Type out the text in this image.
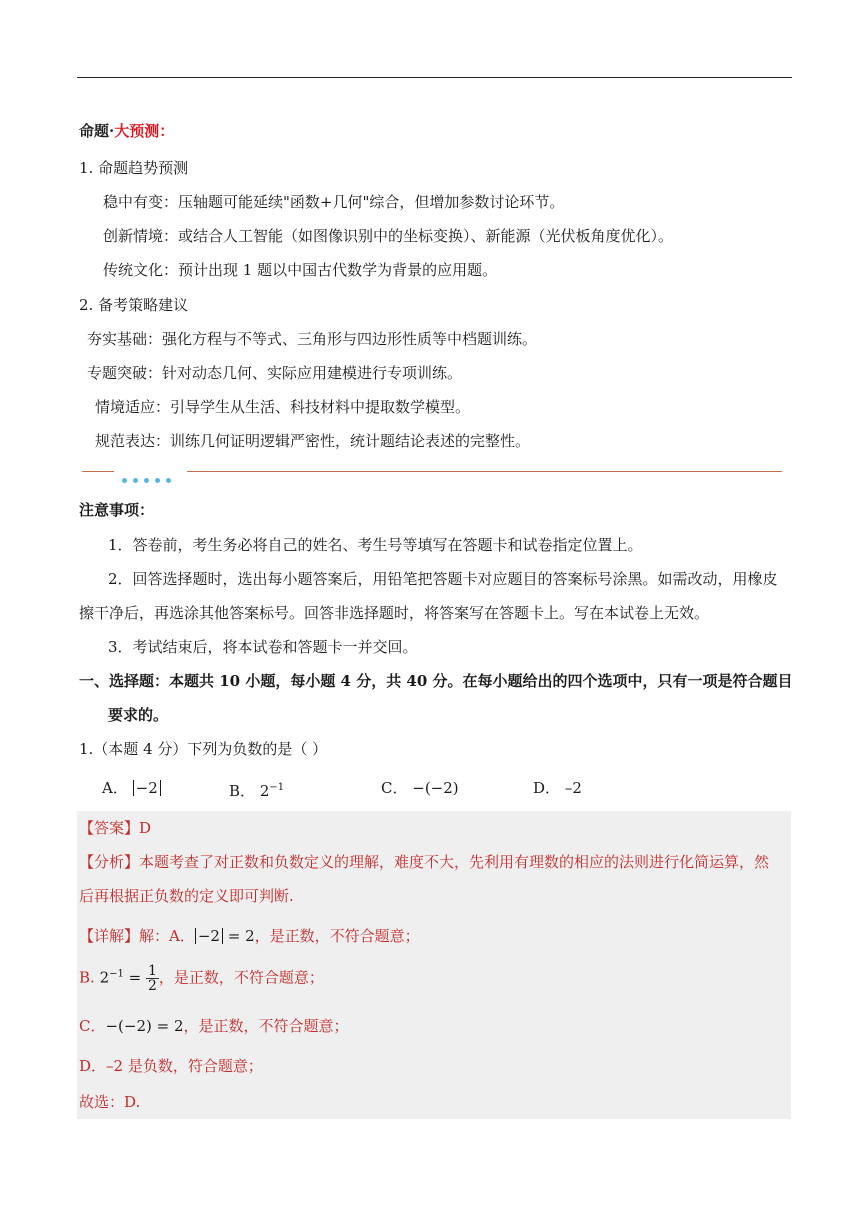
命题·大预测：
1. 命题趋势预测
稳中有变：压轴题可能延续"函数+几何"综合，但增加参数讨论环节。
创新情境：或结合人工智能（如图像识别中的坐标变换）、新能源（光伏板角度优化）。
传统文化：预计出现 1 题以中国古代数学为背景的应用题。
2. 备考策略建议
夯实基础：强化方程与不等式、三角形与四边形性质等中档题训练。
专题突破：针对动态几何、实际应用建模进行专项训练。
情境适应：引导学生从生活、科技材料中提取数学模型。
规范表达：训练几何证明逻辑严密性，统计题结论表述的完整性。
注意事项：
1．答卷前，考生务必将自己的姓名、考生号等填写在答题卡和试卷指定位置上。
2．回答选择题时，选出每小题答案后，用铅笔把答题卡对应题目的答案标号涂黑。如需改动，用橡皮
擦干净后，再选涂其他答案标号。回答非选择题时，将答案写在答题卡上。写在本试卷上无效。
3．考试结束后，将本试卷和答题卡一并交回。
一、选择题：本题共 10 小题，每小题 4 分，共 40 分。在每小题给出的四个选项中，只有一项是符合题目
要求的。
1.（本题 4 分）下列为负数的是（ ）
A． −2	B． $2^{-1}$	C． −(−2)	D． –2
【答案】D
【分析】本题考查了对正数和负数定义的理解，难度不大，先利用有理数的相应的法则进行化简运算，然
后再根据正负数的定义即可判断.
【详解】解：A． −2 = 2，是正数，不符合题意；
B. $2^{-1} = \frac{1}{2}$ ，是正数，不符合题意；
C．−(−2) = 2，是正数，不符合题意；
D．–2 是负数，符合题意；
故选：D.
